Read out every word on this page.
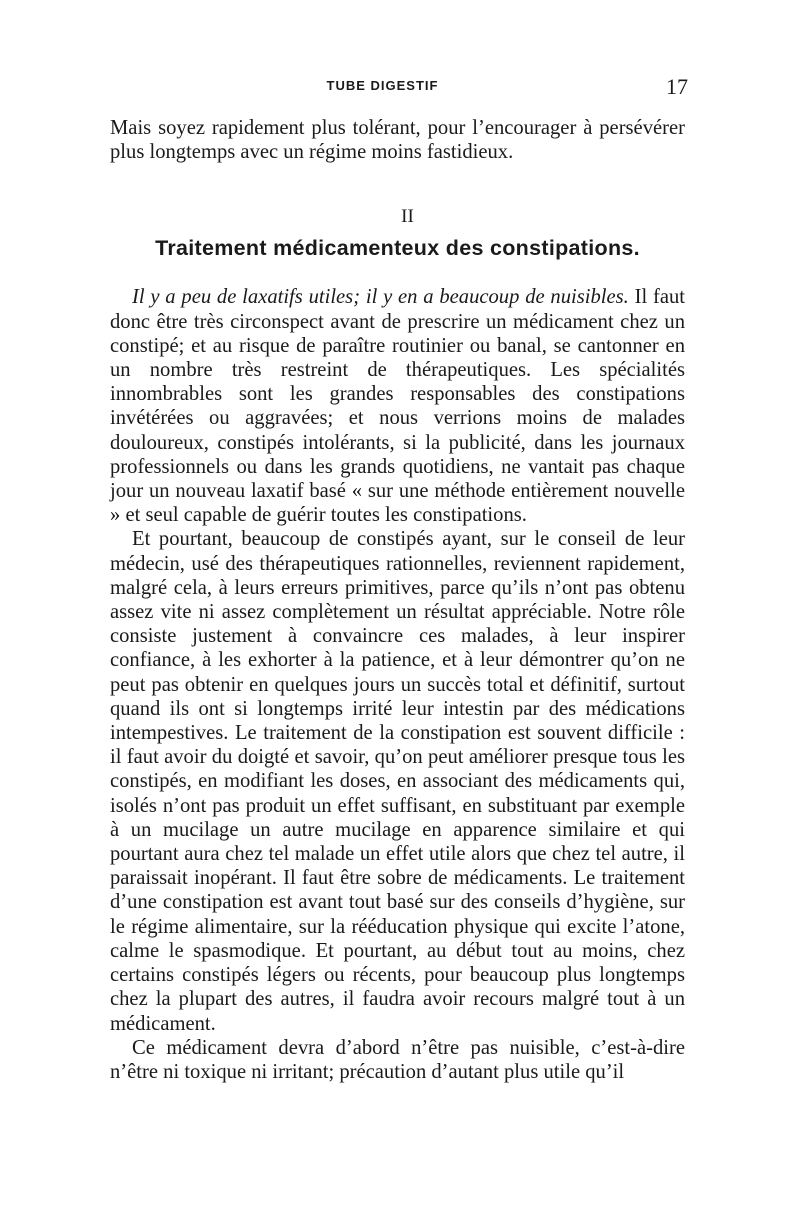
TUBE DIGESTIF	17

Mais soyez rapidement plus tolérant, pour l’encourager à persévérer plus longtemps avec un régime moins fastidieux.

II
Traitement médicamenteux des constipations.

Il y a peu de laxatifs utiles; il y en a beaucoup de nuisibles. Il faut donc être très circonspect avant de prescrire un médicament chez un constipé; et au risque de paraître routinier ou banal, se cantonner en un nombre très restreint de thérapeutiques. Les spécialités innombrables sont les grandes responsables des constipations invétérées ou aggravées; et nous verrions moins de malades douloureux, constipés intolérants, si la publicité, dans les journaux professionnels ou dans les grands quotidiens, ne vantait pas chaque jour un nouveau laxatif basé « sur une méthode entièrement nouvelle » et seul capable de guérir toutes les constipations.

Et pourtant, beaucoup de constipés ayant, sur le conseil de leur médecin, usé des thérapeutiques rationnelles, reviennent rapidement, malgré cela, à leurs erreurs primitives, parce qu’ils n’ont pas obtenu assez vite ni assez complètement un résultat appréciable. Notre rôle consiste justement à convaincre ces malades, à leur inspirer confiance, à les exhorter à la patience, et à leur démontrer qu’on ne peut pas obtenir en quelques jours un succès total et définitif, surtout quand ils ont si longtemps irrité leur intestin par des médications intempestives. Le traitement de la constipation est souvent difficile : il faut avoir du doigté et savoir, qu’on peut améliorer presque tous les constipés, en modifiant les doses, en associant des médicaments qui, isolés n’ont pas produit un effet suffisant, en substituant par exemple à un mucilage un autre mucilage en apparence similaire et qui pourtant aura chez tel malade un effet utile alors que chez tel autre, il paraissait inopérant. Il faut être sobre de médicaments. Le traitement d’une constipation est avant tout basé sur des conseils d’hygiène, sur le régime alimentaire, sur la rééducation physique qui excite l’atone, calme le spasmodique. Et pourtant, au début tout au moins, chez certains constipés légers ou récents, pour beaucoup plus longtemps chez la plupart des autres, il faudra avoir recours malgré tout à un médicament.

Ce médicament devra d’abord n’être pas nuisible, c’est-à-dire n’être ni toxique ni irritant; précaution d’autant plus utile qu’il
